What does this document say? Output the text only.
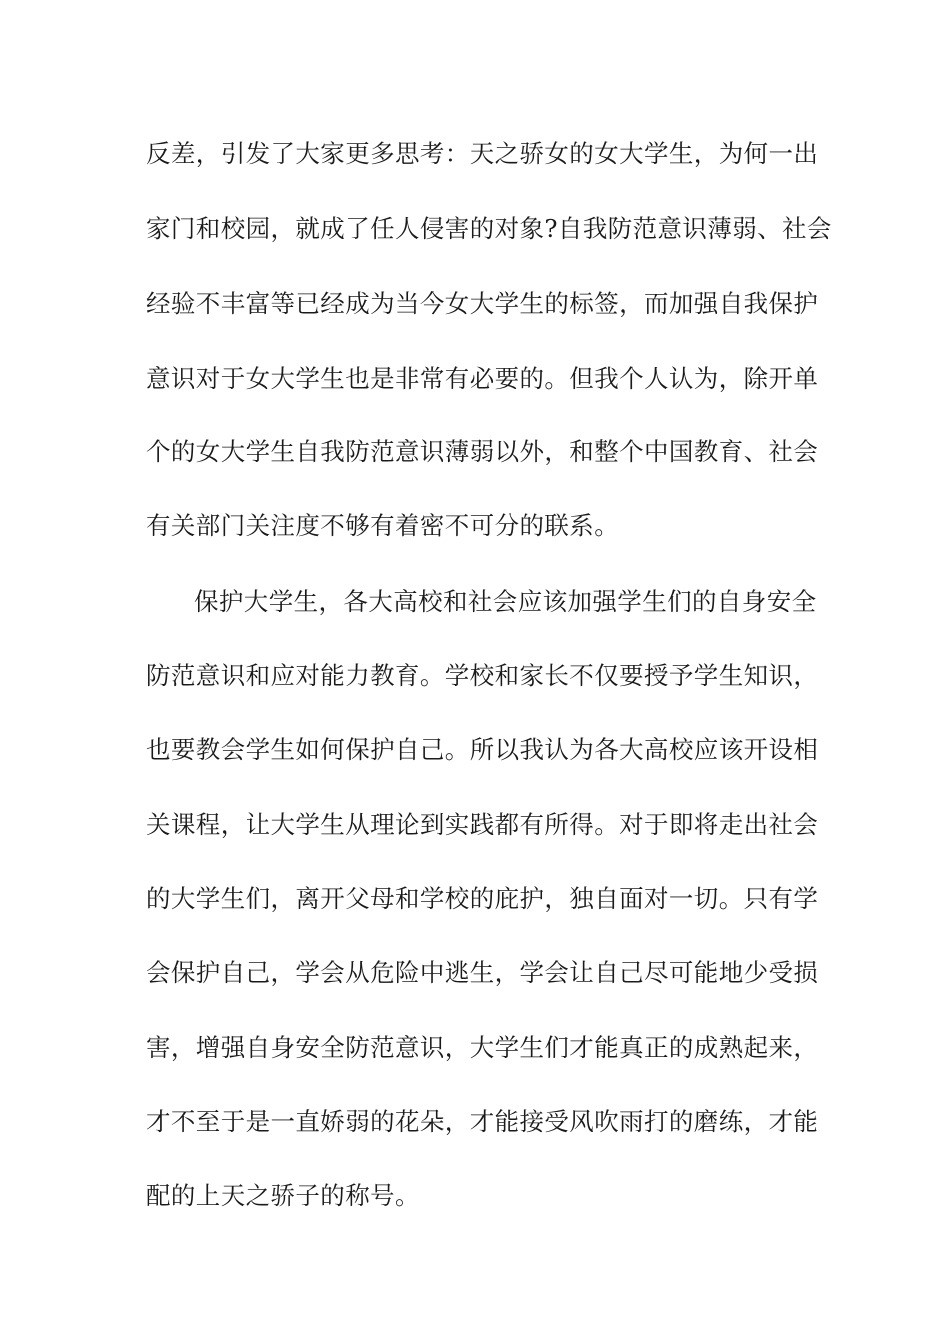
反差，引发了大家更多思考：天之骄女的女大学生，为何一出
家门和校园，就成了任人侵害的对象?自我防范意识薄弱、社会
经验不丰富等已经成为当今女大学生的标签，而加强自我保护
意识对于女大学生也是非常有必要的。但我个人认为，除开单
个的女大学生自我防范意识薄弱以外，和整个中国教育、社会
有关部门关注度不够有着密不可分的联系。
保护大学生，各大高校和社会应该加强学生们的自身安全
防范意识和应对能力教育。学校和家长不仅要授予学生知识，
也要教会学生如何保护自己。所以我认为各大高校应该开设相
关课程，让大学生从理论到实践都有所得。对于即将走出社会
的大学生们，离开父母和学校的庇护，独自面对一切。只有学
会保护自己，学会从危险中逃生，学会让自己尽可能地少受损
害，增强自身安全防范意识，大学生们才能真正的成熟起来，
才不至于是一直娇弱的花朵，才能接受风吹雨打的磨练，才能
配的上天之骄子的称号。
